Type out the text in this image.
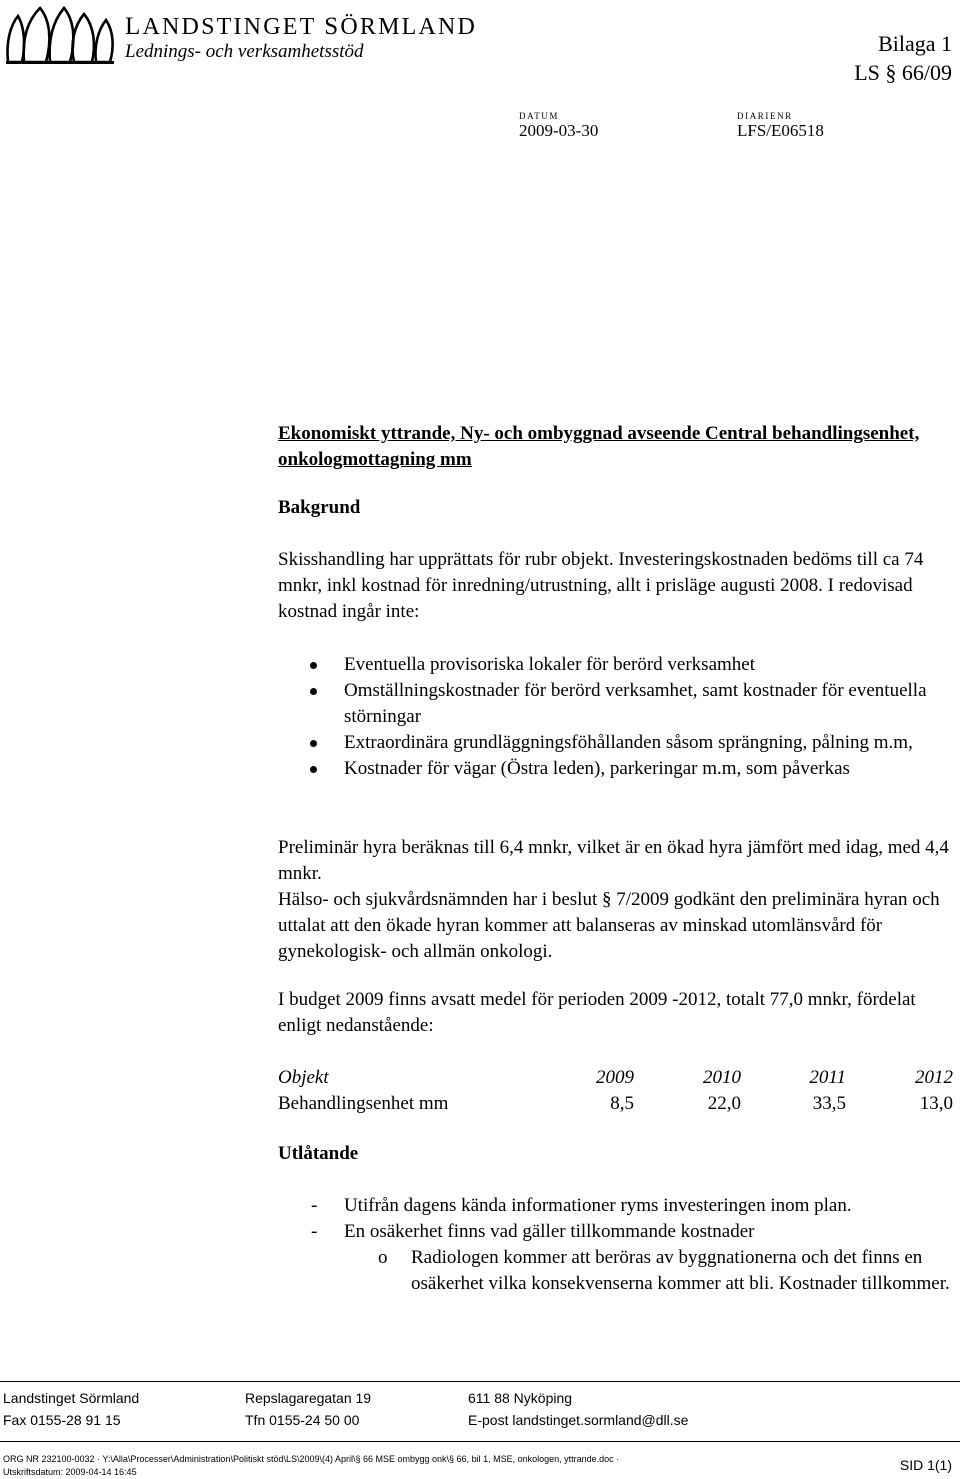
LANDSTINGET SÖRMLAND
Lednings- och verksamhetsstöd	Bilaga 1
LS § 66/09
DATUM	DIARIENR
2009-03-30	LFS/E06518
Ekonomiskt yttrande, Ny- och ombyggnad avseende Central behandlingsenhet, onkologmottagning mm
Bakgrund
Skisshandling har upprättats för rubr objekt. Investeringskostnaden bedöms till ca 74 mnkr, inkl kostnad för inredning/utrustning, allt i prisläge augusti 2008. I redovisad kostnad ingår inte:
Eventuella provisoriska lokaler för berörd verksamhet
Omställningskostnader för berörd verksamhet, samt kostnader för eventuella störningar
Extraordinära grundläggningsföhållanden såsom sprängning, pålning m.m,
Kostnader för vägar (Östra leden), parkeringar m.m, som påverkas
Preliminär hyra beräknas till 6,4 mnkr, vilket är en ökad hyra jämfört med idag, med 4,4 mnkr.
Hälso- och sjukvårdsnämnden har i beslut § 7/2009 godkänt den preliminära hyran och uttalat att den ökade hyran kommer att balanseras av minskad utomlänsvård för gynekologisk- och allmän onkologi.
I budget 2009 finns avsatt medel för perioden 2009 -2012, totalt 77,0 mnkr, fördelat enligt nedanstående:
Objekt	2009	2010	2011	2012
Behandlingsenhet mm	8,5	22,0	33,5	13,0
Utlåtande
- Utifrån dagens kända informationer ryms investeringen inom plan.
- En osäkerhet finns vad gäller tillkommande kostnader
o Radiologen kommer att beröras av byggnationerna och det finns en osäkerhet vilka konsekvenserna kommer att bli. Kostnader tillkommer.
Landstinget Sörmland	Repslagaregatan 19	611 88 Nyköping
Fax 0155-28 91 15	Tfn 0155-24 50 00	E-post landstinget.sormland@dll.se
ORG NR 232100-0032 · Y:\Alla\Processer\Administration\Politiskt stöd\LS\2009\(4) April\§ 66 MSE ombygg onk\§ 66, bil 1, MSE, onkologen, yttrande.doc ·
Utskriftsdatum: 2009-04-14 16:45	SID 1(1)
